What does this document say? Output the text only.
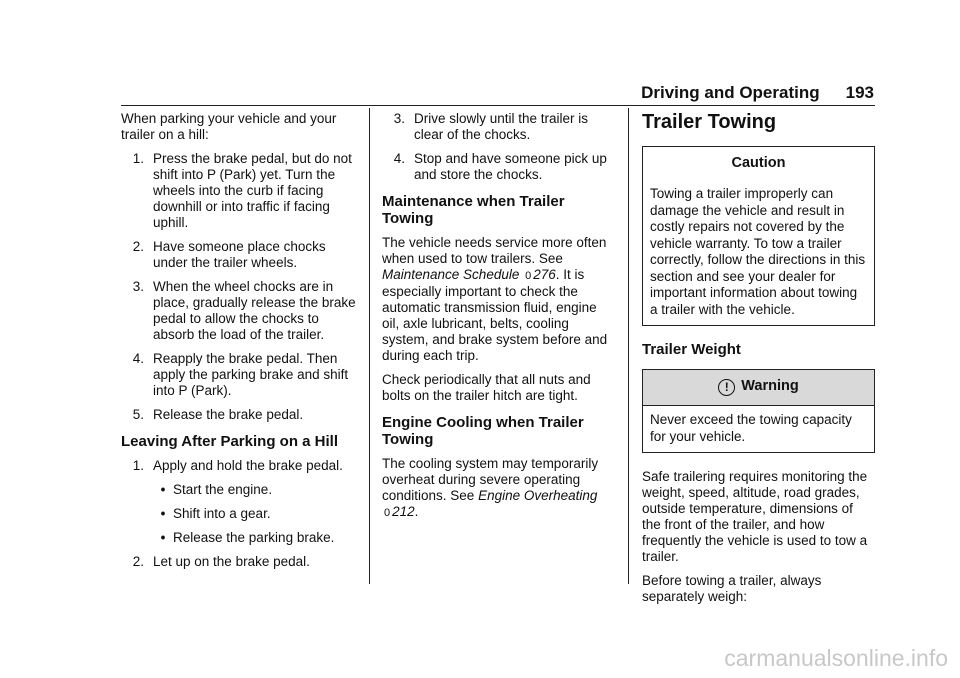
Driving and Operating 193

When parking your vehicle and your trailer on a hill:

1. Press the brake pedal, but do not shift into P (Park) yet. Turn the wheels into the curb if facing downhill or into traffic if facing uphill.
2. Have someone place chocks under the trailer wheels.
3. When the wheel chocks are in place, gradually release the brake pedal to allow the chocks to absorb the load of the trailer.
4. Reapply the brake pedal. Then apply the parking brake and shift into P (Park).
5. Release the brake pedal.
Leaving After Parking on a Hill
1. Apply and hold the brake pedal.
• Start the engine.
• Shift into a gear.
• Release the parking brake.
2. Let up on the brake pedal.
3. Drive slowly until the trailer is clear of the chocks.
4. Stop and have someone pick up and store the chocks.
Maintenance when Trailer Towing

The vehicle needs service more often when used to tow trailers. See Maintenance Schedule 0 276. It is especially important to check the automatic transmission fluid, engine oil, axle lubricant, belts, cooling system, and brake system before and during each trip.

Check periodically that all nuts and bolts on the trailer hitch are tight.

Engine Cooling when Trailer Towing

The cooling system may temporarily overheat during severe operating conditions. See Engine Overheating
0 212.

Trailer Towing
Caution
Towing a trailer improperly can damage the vehicle and result in costly repairs not covered by the vehicle warranty. To tow a trailer correctly, follow the directions in this section and see your dealer for important information about towing a trailer with the vehicle.
Trailer Weight
! Warning
Never exceed the towing capacity for your vehicle.

Safe trailering requires monitoring the weight, speed, altitude, road grades, outside temperature, dimensions of the front of the trailer, and how frequently the vehicle is used to tow a trailer.

Before towing a trailer, always separately weigh:

carmanualsonline.info
